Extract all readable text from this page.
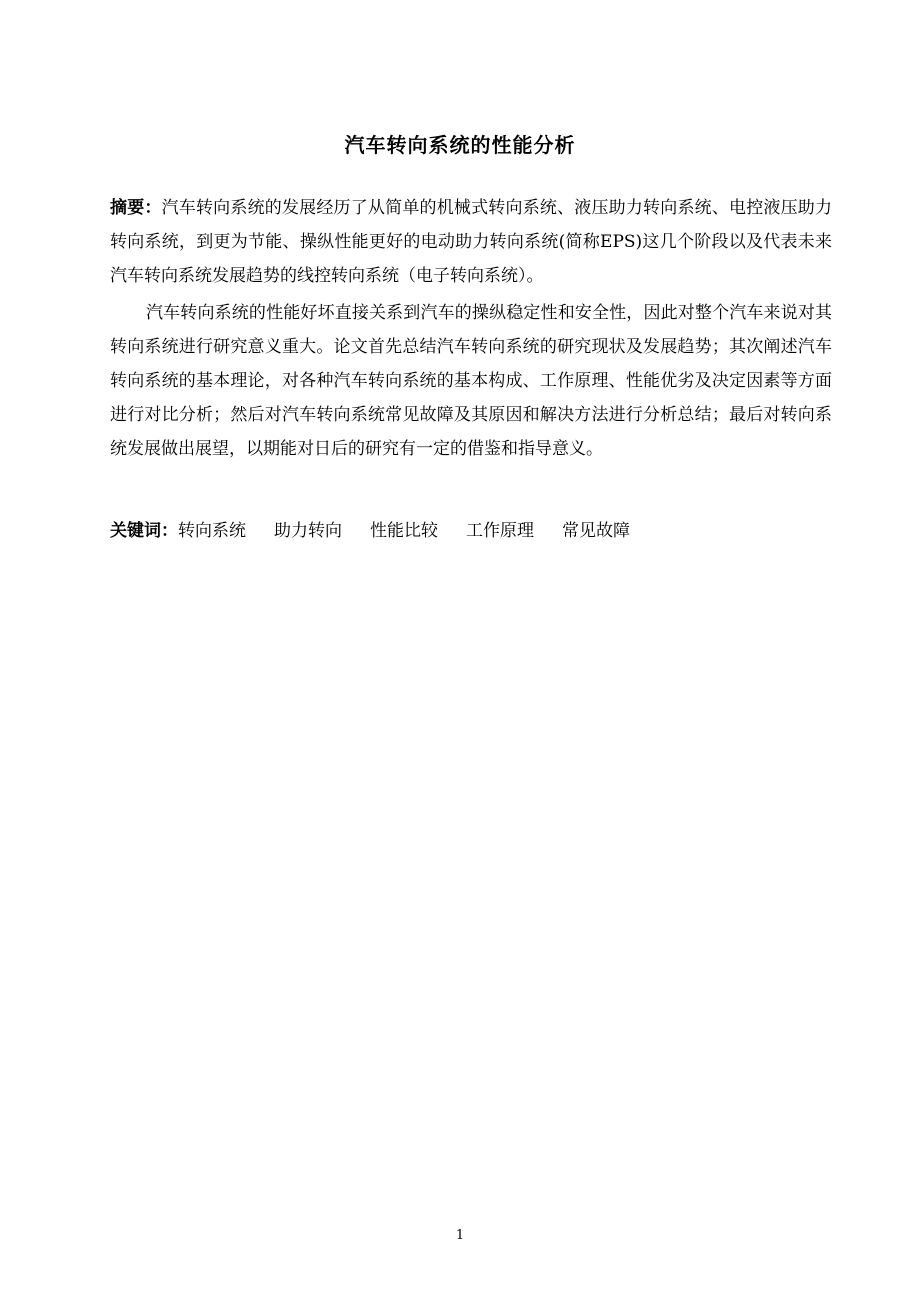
汽车转向系统的性能分析
摘要：汽车转向系统的发展经历了从简单的机械式转向系统、液压助力转向系统、电控液压助力转向系统，到更为节能、操纵性能更好的电动助力转向系统(简称EPS)这几个阶段以及代表未来汽车转向系统发展趋势的线控转向系统（电子转向系统）。
汽车转向系统的性能好坏直接关系到汽车的操纵稳定性和安全性，因此对整个汽车来说对其转向系统进行研究意义重大。论文首先总结汽车转向系统的研究现状及发展趋势；其次阐述汽车转向系统的基本理论，对各种汽车转向系统的基本构成、工作原理、性能优劣及决定因素等方面进行对比分析；然后对汽车转向系统常见故障及其原因和解决方法进行分析总结；最后对转向系统发展做出展望，以期能对日后的研究有一定的借鉴和指导意义。
关键词：转向系统 助力转向 性能比较 工作原理 常见故障
1
